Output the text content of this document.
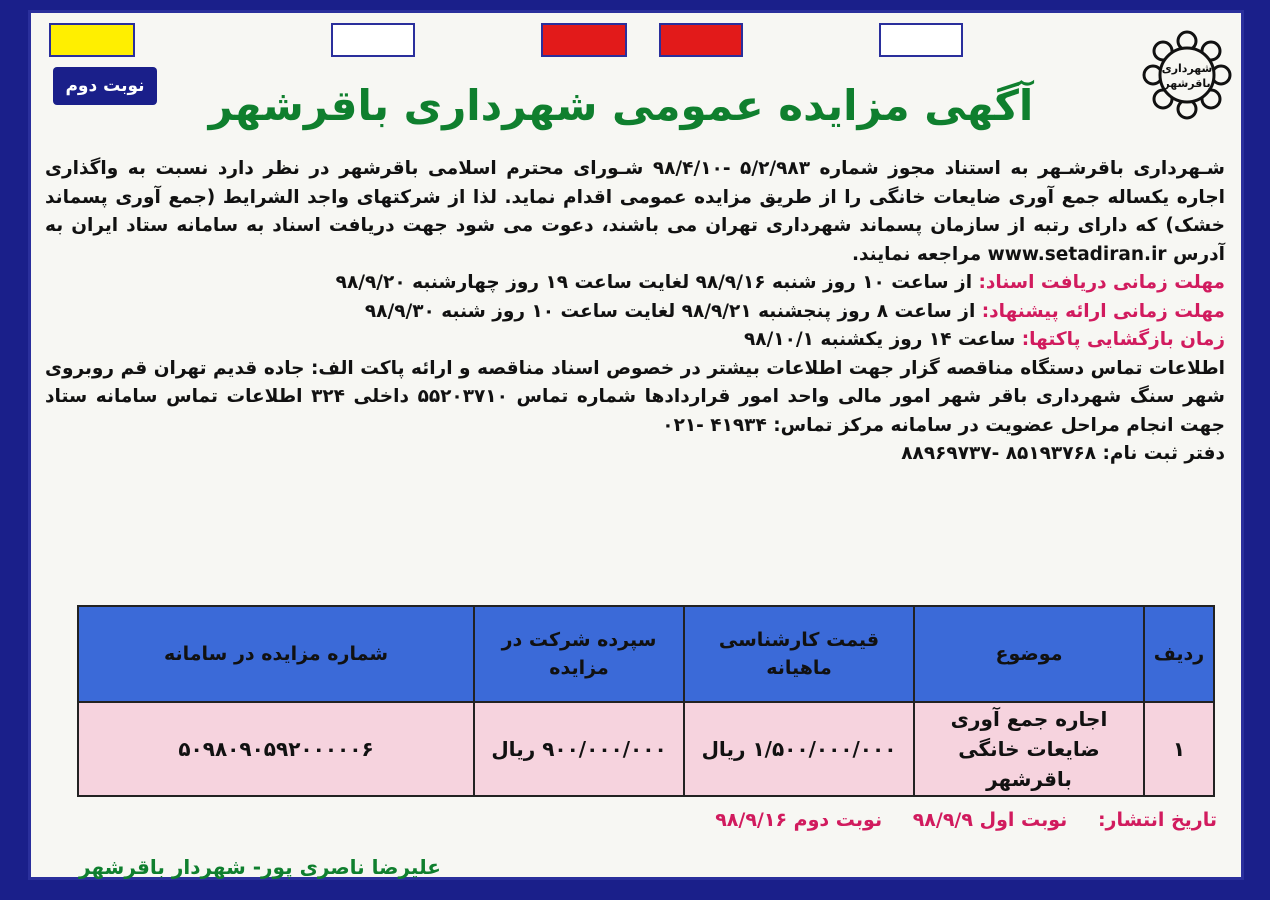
نوبت دوم آگهی مزایده عمومی شهرداری باقرشهر
شهرداری
باقرشهر

شـهرداری باقرشـهر به استناد مجوز شماره ۵/۲/۹۸۳ -۹۸/۴/۱۰ شـورای محترم اسلامی باقرشهر در نظر دارد نسبت به واگذاری اجاره یکساله جمع آوری ضایعات خانگی را از طریق مزایده عمومی اقدام نماید. لذا از شرکتهای واجد الشرایط (جمع آوری پسماند خشک) که دارای رتبه از سازمان پسماند شهرداری تهران می باشند، دعوت می شود جهت دریافت اسناد به سامانه ستاد ایران به آدرس www.setadiran.ir مراجعه نمایند.

مهلت زمانی دریافت اسناد: از ساعت ۱۰ روز شنبه ۹۸/۹/۱۶ لغایت ساعت ۱۹ روز چهارشنبه ۹۸/۹/۲۰

مهلت زمانی ارائه پیشنهاد: از ساعت ۸ روز پنجشنبه ۹۸/۹/۲۱ لغایت ساعت ۱۰ روز شنبه ۹۸/۹/۳۰

زمان بازگشایی پاکتها: ساعت ۱۴ روز یکشنبه ۹۸/۱۰/۱

اطلاعات تماس دستگاه مناقصه گزار جهت اطلاعات بیشتر در خصوص اسناد مناقصه و ارائه پاکت الف: جاده قدیم تهران قم روبروی شهر سنگ شهرداری باقر شهر امور مالی واحد امور قراردادها شماره تماس ۵۵۲۰۳۷۱۰ داخلی ۳۲۴ اطلاعات تماس سامانه ستاد جهت انجام مراحل عضویت در سامانه مرکز تماس: ۴۱۹۳۴ -۰۲۱

دفتر ثبت نام: ۸۵۱۹۳۷۶۸ -۸۸۹۶۹۷۳۷

ردیف	موضوع	قیمت کارشناسی ماهیانه	سپرده شرکت در مزایده	شماره مزایده در سامانه
۱	اجاره جمع آوری ضایعات خانگی باقرشهر	۱/۵۰۰/۰۰۰/۰۰۰ ریال	۹۰۰/۰۰۰/۰۰۰ ریال	۵۰۹۸۰۹۰۵۹۲۰۰۰۰۰۶
تاریخ انتشار: نوبت اول ۹۸/۹/۹ نوبت دوم ۹۸/۹/۱۶
علیرضا ناصری پور- شهردار باقرشهر
